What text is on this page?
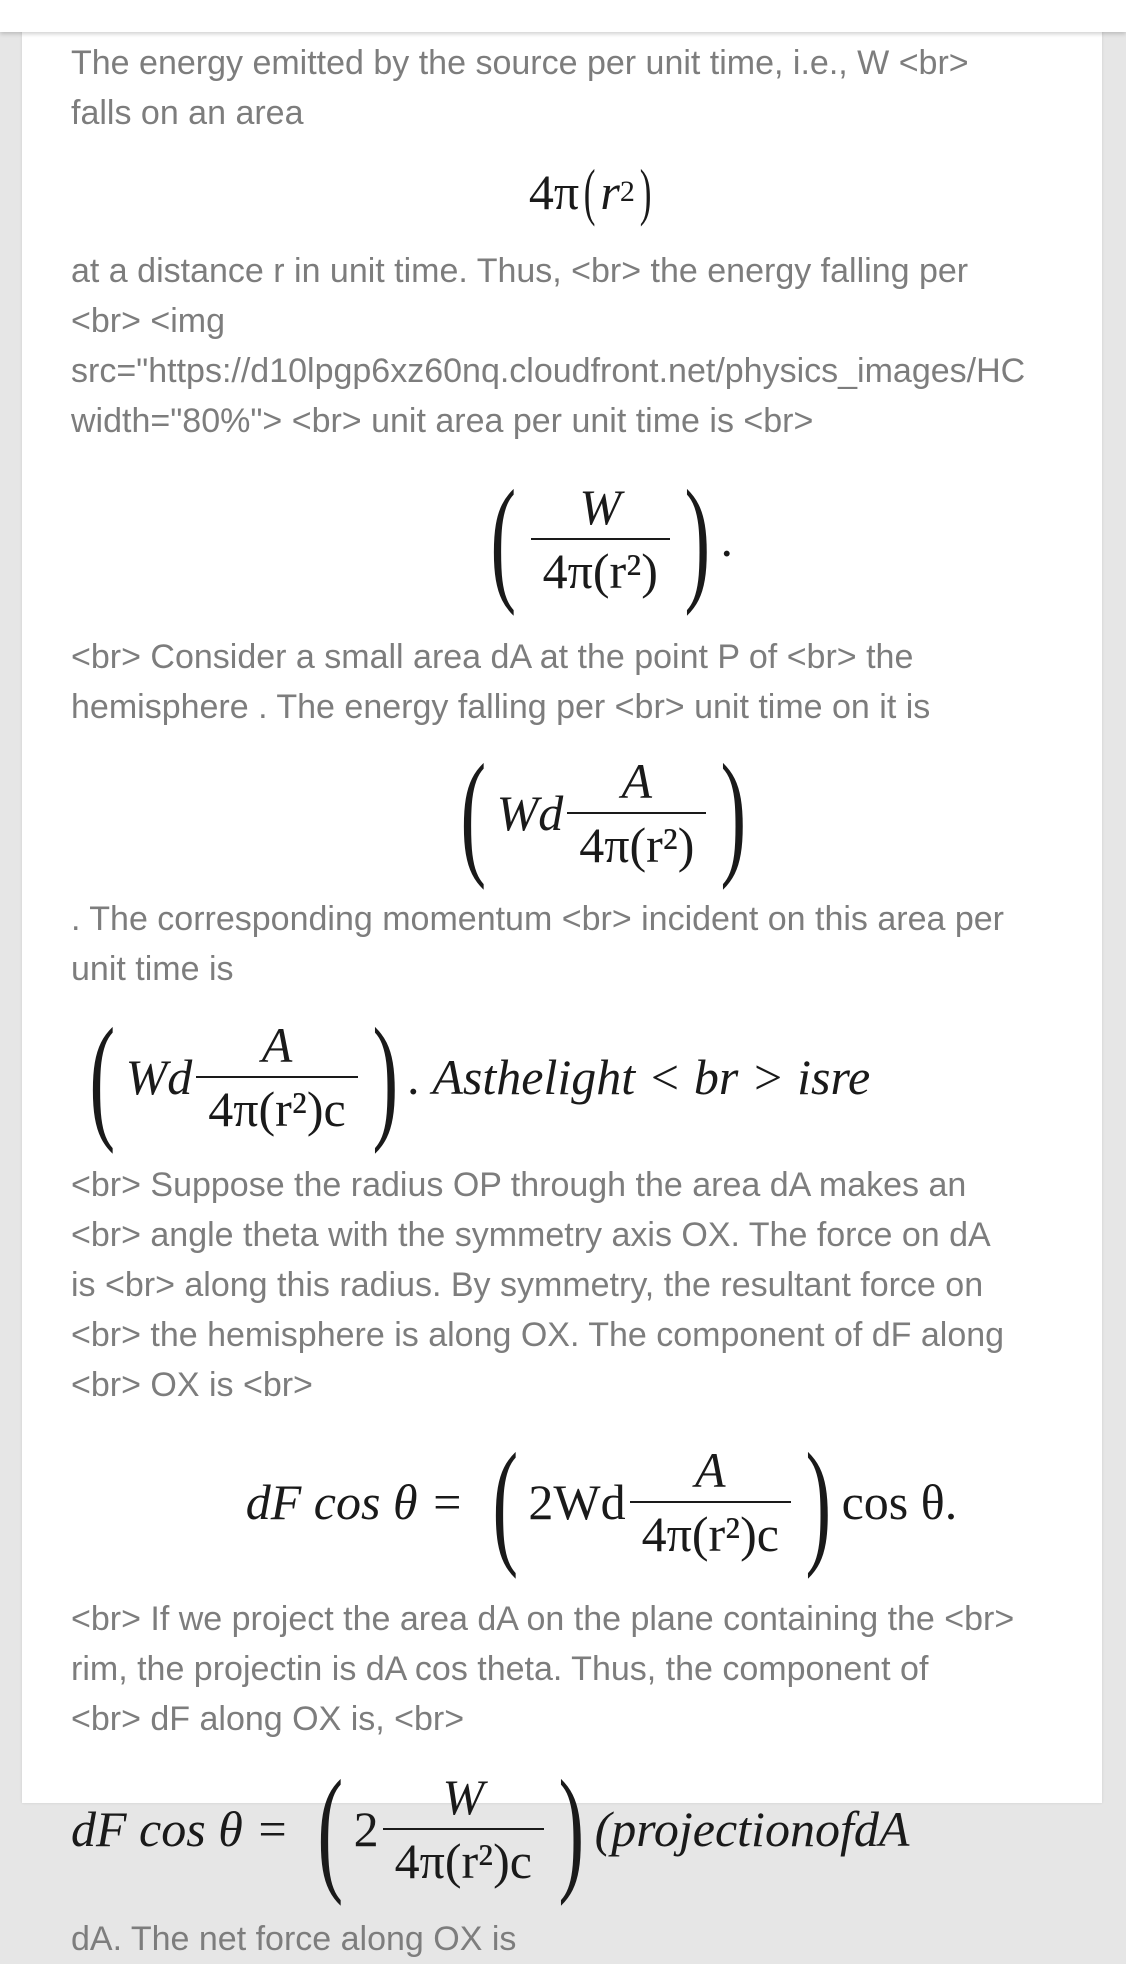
The energy emitted by the source per unit time, i.e., W <br>
falls on an area

4π ( r 2 )

at a distance r in unit time. Thus, <br> the energy falling per
<br> <img
src="https://d10lpgp6xz60nq.cloudfront.net/physics_images/HC
width="80%"> <br> unit area per unit time is <br>

( $\frac{W}{\text{4π(r²)}}$ ) .

<br> Consider a small area dA at the point P of <br> the
hemisphere . The energy falling per <br> unit time on it is

( Wd $\frac{A}{\text{4π(r²)}}$ )

. The corresponding momentum <br> incident on this area per
unit time is

( Wd $\frac{A}{\text{4π(r²)c}}$ ) . Asthelight < br > isre

<br> Suppose the radius OP through the area dA makes an
<br> angle theta with the symmetry axis OX. The force on dA
is <br> along this radius. By symmetry, the resultant force on
<br> the hemisphere is along OX. The component of dF along
<br> OX is <br>

dF cos θ = ( $2Wd \frac{A}{\text{4π(r²)c}}$ ) cos θ.

<br> If we project the area dA on the plane containing the <br>
rim, the projectin is dA cos theta. Thus, the component of
<br> dF along OX is, <br>

dF cos θ = ( $2 \frac{W}{\text{4π(r²)c}}$ ) (projectionofdA

dA. The net force along OX is
